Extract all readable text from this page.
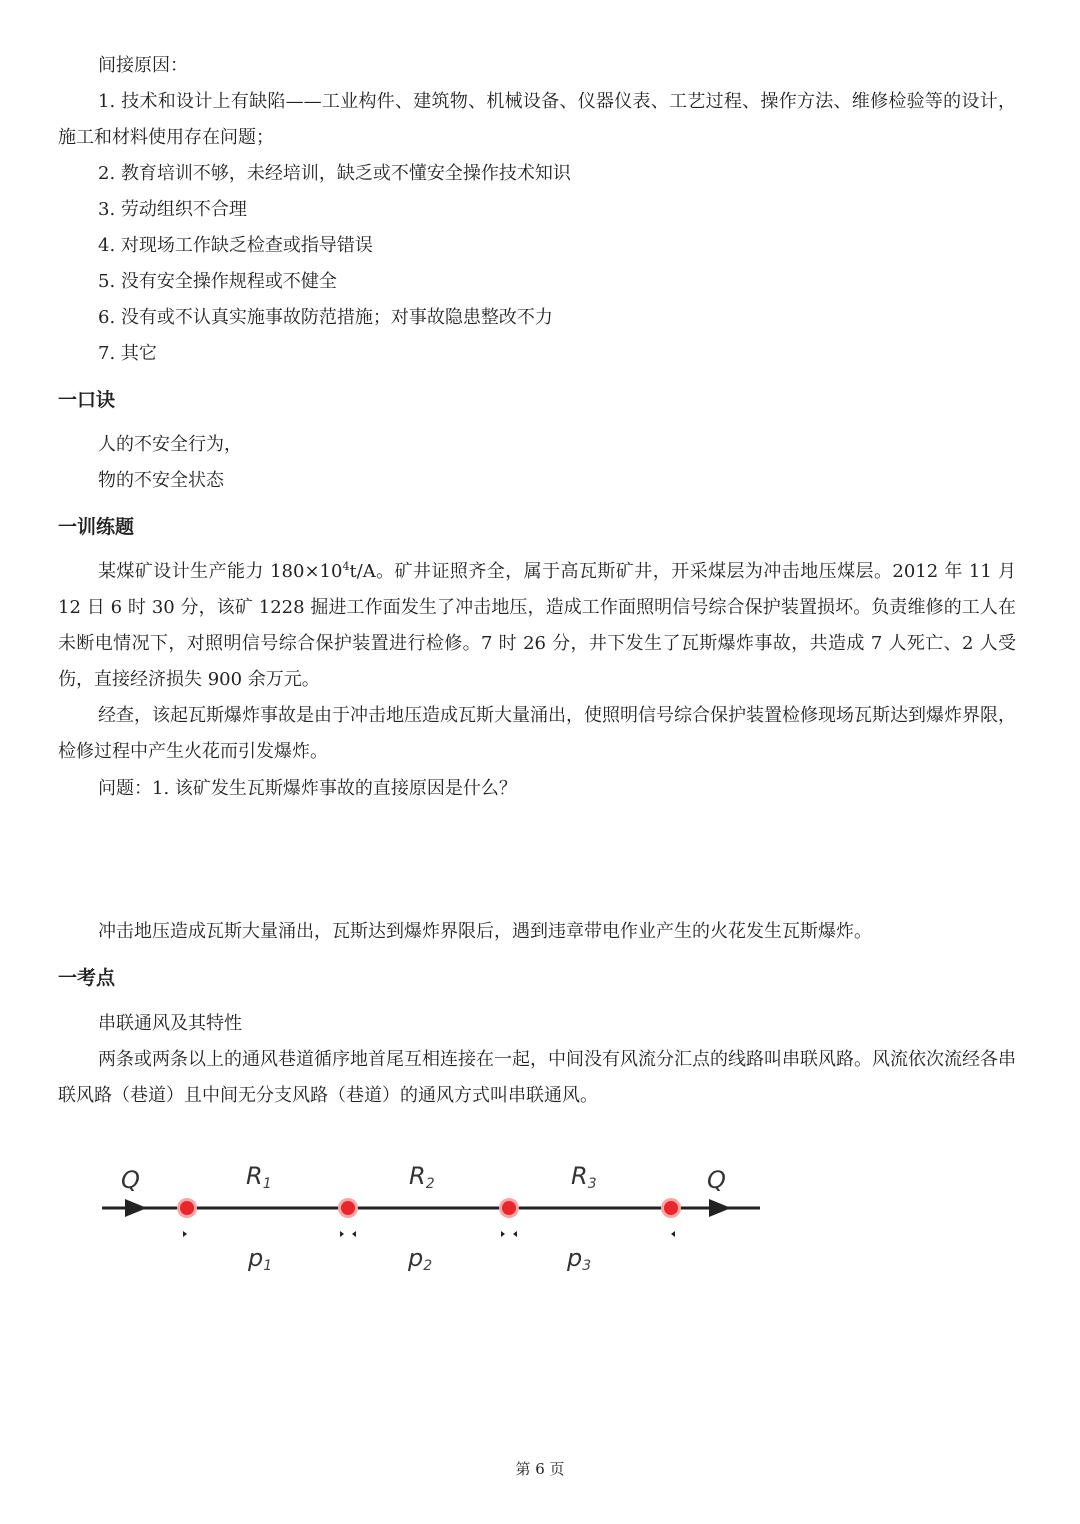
间接原因：
1. 技术和设计上有缺陷——工业构件、建筑物、机械设备、仪器仪表、工艺过程、操作方法、维修检验等的设计，施工和材料使用存在问题；
2. 教育培训不够，未经培训，缺乏或不懂安全操作技术知识
3. 劳动组织不合理
4. 对现场工作缺乏检查或指导错误
5. 没有安全操作规程或不健全
6. 没有或不认真实施事故防范措施；对事故隐患整改不力
7. 其它
一口诀
人的不安全行为，
物的不安全状态
一训练题
某煤矿设计生产能力 $180\times 10^4t/A$。矿井证照齐全，属于高瓦斯矿井，开采煤层为冲击地压煤层。2012 年 11 月 12 日 6 时 30 分，该矿 1228 掘进工作面发生了冲击地压，造成工作面照明信号综合保护装置损坏。负责维修的工人在未断电情况下，对照明信号综合保护装置进行检修。7 时 26 分，井下发生了瓦斯爆炸事故，共造成 7 人死亡、2 人受伤，直接经济损失 900 余万元。
经查，该起瓦斯爆炸事故是由于冲击地压造成瓦斯大量涌出，使照明信号综合保护装置检修现场瓦斯达到爆炸界限，检修过程中产生火花而引发爆炸。
问题：1. 该矿发生瓦斯爆炸事故的直接原因是什么？
冲击地压造成瓦斯大量涌出，瓦斯达到爆炸界限后，遇到违章带电作业产生的火花发生瓦斯爆炸。
一考点
串联通风及其特性
两条或两条以上的通风巷道循序地首尾互相连接在一起，中间没有风流分汇点的线路叫串联风路。风流依次流经各串联风路（巷道）且中间无分支风路（巷道）的通风方式叫串联通风。
Q	Q
R1	R2	R3
p1	p2	p3
第 6 页
